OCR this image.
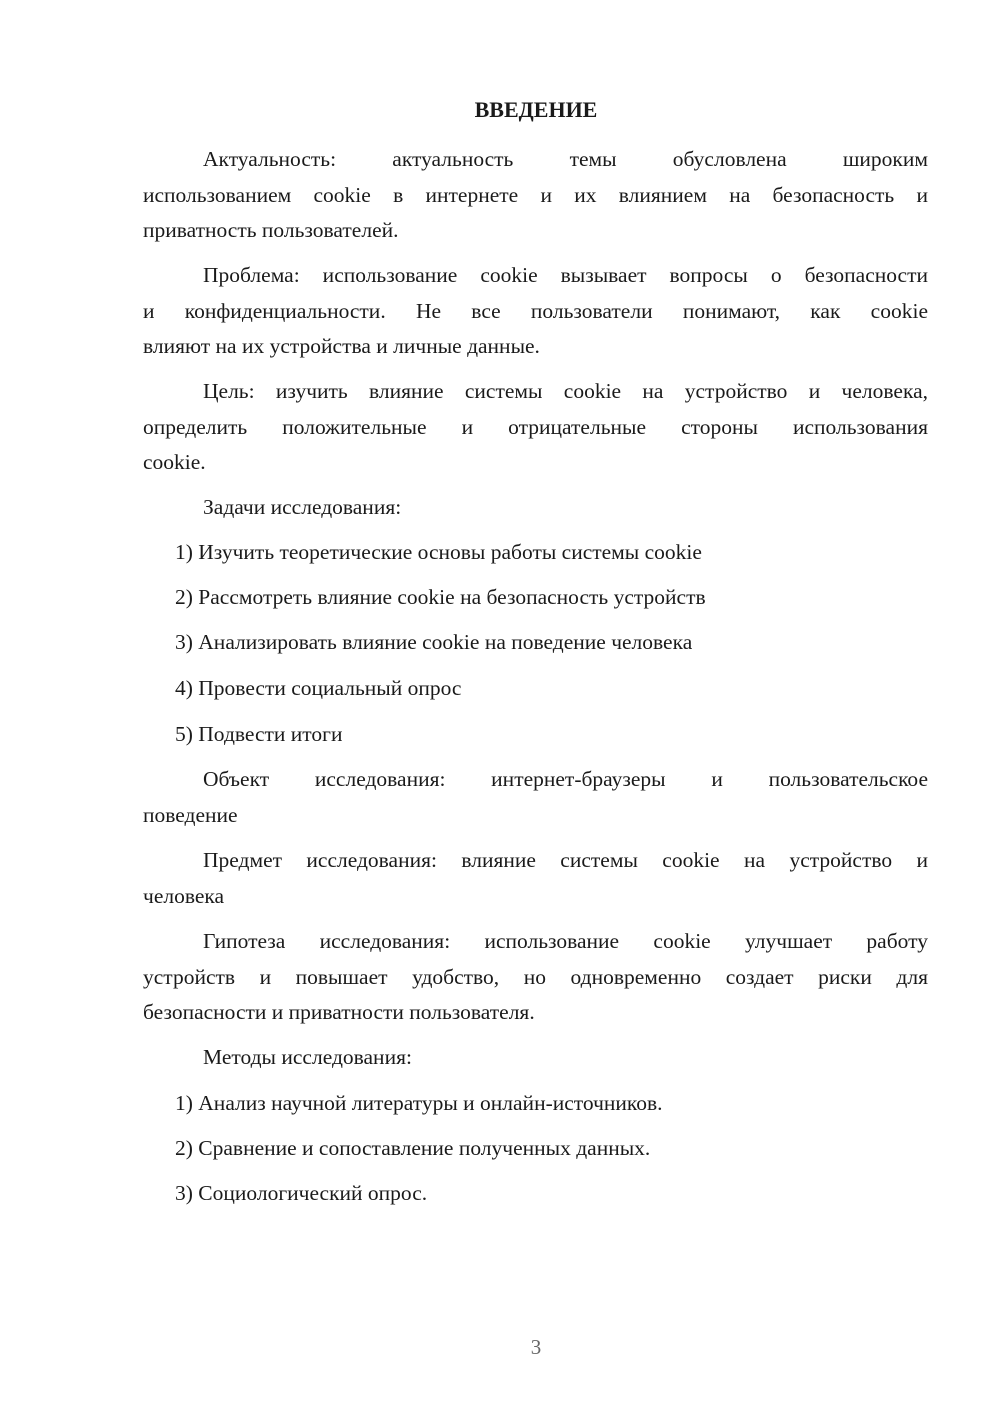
ВВЕДЕНИЕ
Актуальность: актуальность темы обусловлена широким
использованием cookie в интернете и их влиянием на безопасность и
приватность пользователей.
Проблема: использование cookie вызывает вопросы о безопасности
и конфиденциальности. Не все пользователи понимают, как cookie
влияют на их устройства и личные данные.
Цель: изучить влияние системы cookie на устройство и человека,
определить положительные и отрицательные стороны использования
cookie.
Задачи исследования:
1) Изучить теоретические основы работы системы cookie
2) Рассмотреть влияние cookie на безопасность устройств
3) Анализировать влияние cookie на поведение человека
4) Провести социальный опрос
5) Подвести итоги
Объект исследования: интернет-браузеры и пользовательское
поведение
Предмет исследования: влияние системы cookie на устройство и
человека
Гипотеза исследования: использование cookie улучшает работу
устройств и повышает удобство, но одновременно создает риски для
безопасности и приватности пользователя.
Методы исследования:
1) Анализ научной литературы и онлайн-источников.
2) Сравнение и сопоставление полученных данных.
3) Социологический опрос.
3
